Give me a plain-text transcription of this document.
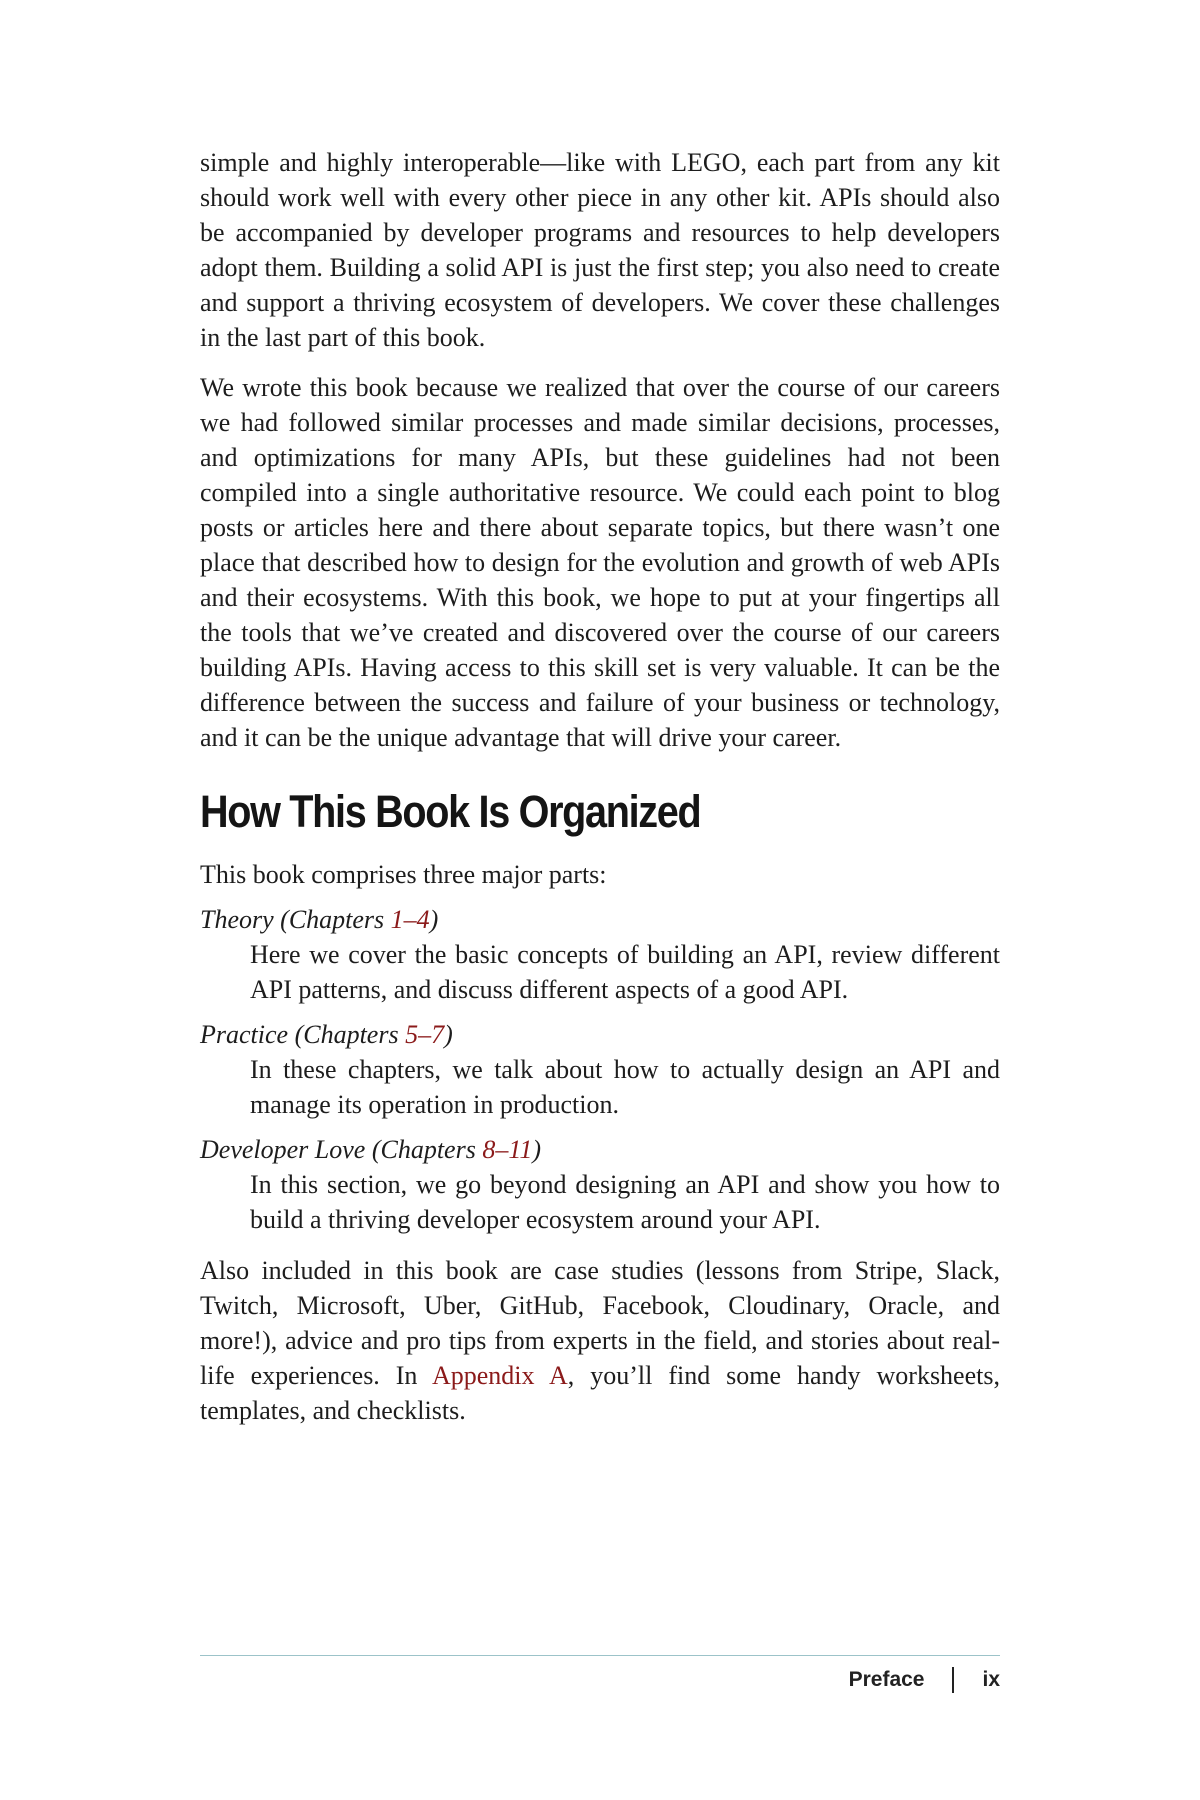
simple and highly interoperable—like with LEGO, each part from any kit should work well with every other piece in any other kit. APIs should also be accompanied by developer programs and resources to help developers adopt them. Building a solid API is just the first step; you also need to create and support a thriving ecosystem of developers. We cover these challenges in the last part of this book.

We wrote this book because we realized that over the course of our careers we had followed similar processes and made similar decisions, processes, and optimizations for many APIs, but these guidelines had not been compiled into a single authoritative resource. We could each point to blog posts or articles here and there about separate topics, but there wasn’t one place that described how to design for the evolution and growth of web APIs and their ecosystems. With this book, we hope to put at your fingertips all the tools that we’ve created and discovered over the course of our careers building APIs. Having access to this skill set is very valuable. It can be the difference between the success and failure of your business or technology, and it can be the unique advantage that will drive your career.

How This Book Is Organized

This book comprises three major parts:

Theory (Chapters 1–4)

Here we cover the basic concepts of building an API, review different API patterns, and discuss different aspects of a good API.

Practice (Chapters 5–7)

In these chapters, we talk about how to actually design an API and manage its operation in production.

Developer Love (Chapters 8–11)

In this section, we go beyond designing an API and show you how to build a thriving developer ecosystem around your API.

Also included in this book are case studies (lessons from Stripe, Slack, Twitch, Microsoft, Uber, GitHub, Facebook, Cloudinary, Oracle, and more!), advice and pro tips from experts in the field, and stories about real-life experiences. In Appendix A, you’ll find some handy worksheets, templates, and checklists.

Preface	ix
